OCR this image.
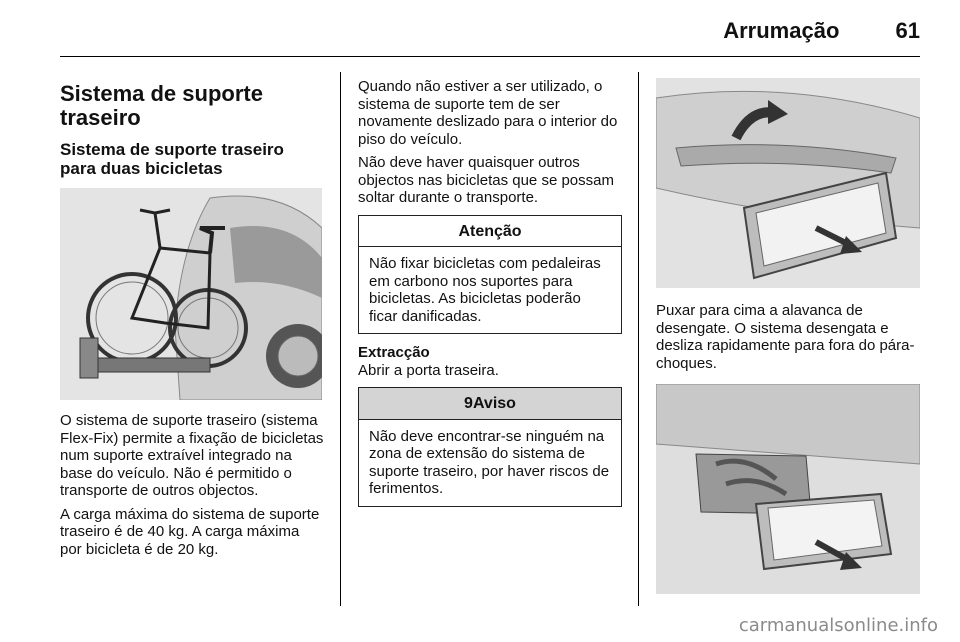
Arrumação	61
Sistema de suporte traseiro
Sistema de suporte traseiro para duas bicicletas

O sistema de suporte traseiro (sistema Flex-Fix) permite a fixação de bicicletas num suporte extraível integrado na base do veículo. Não é permitido o transporte de outros objectos.

A carga máxima do sistema de suporte traseiro é de 40 kg. A carga máxima por bicicleta é de 20 kg.

Quando não estiver a ser utilizado, o sistema de suporte tem de ser novamente deslizado para o interior do piso do veículo.

Não deve haver quaisquer outros objectos nas bicicletas que se possam soltar durante o transporte.

Atenção
Não fixar bicicletas com pedaleiras em carbono nos suportes para bicicletas. As bicicletas poderão ficar danificadas.
Extracção

Abrir a porta traseira.

9Aviso
Não deve encontrar-se ninguém na zona de extensão do sistema de suporte traseiro, por haver riscos de ferimentos.

Puxar para cima a alavanca de desengate. O sistema desengata e desliza rapidamente para fora do pára-choques.

carmanualsonline.info
